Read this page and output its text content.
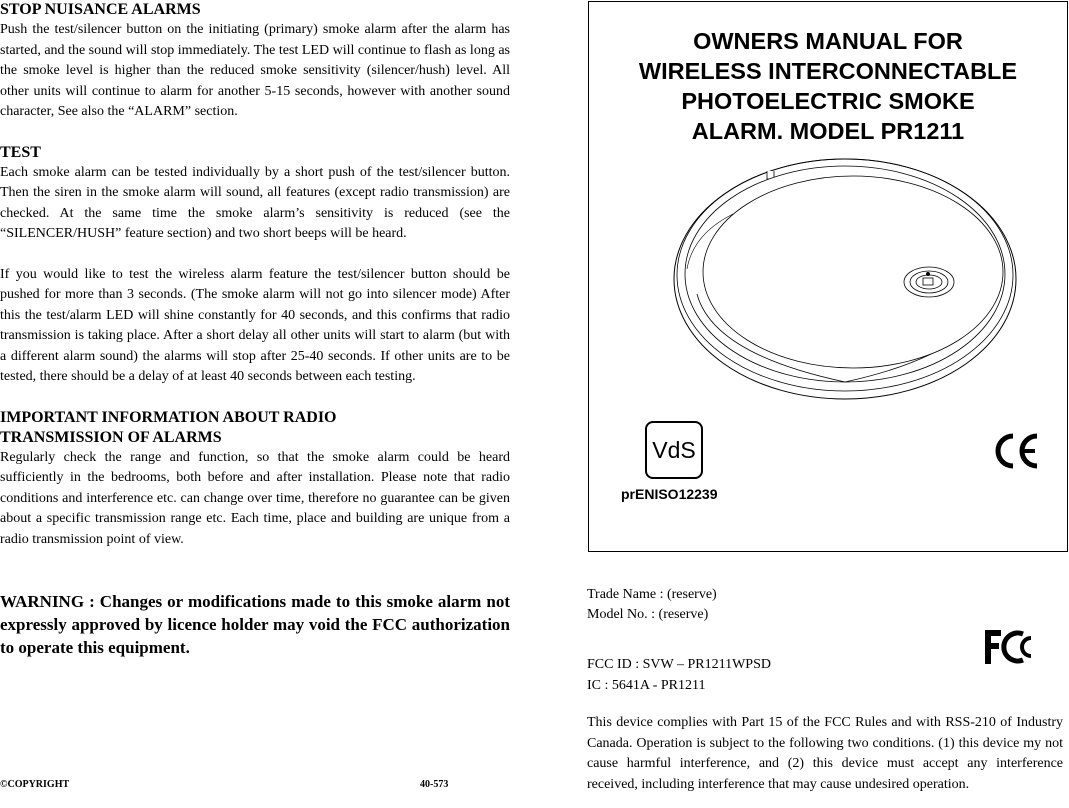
STOP NUISANCE ALARMS

Push the test/silencer button on the initiating (primary) smoke alarm after the alarm has started, and the sound will stop immediately. The test LED will continue to flash as long as the smoke level is higher than the reduced smoke sensitivity (silencer/hush) level. All other units will continue to alarm for another 5-15 seconds, however with another sound character, See also the “ALARM” section.

TEST

Each smoke alarm can be tested individually by a short push of the test/silencer button. Then the siren in the smoke alarm will sound, all features (except radio transmission) are checked. At the same time the smoke alarm’s sensitivity is reduced (see the “SILENCER/HUSH” feature section) and two short beeps will be heard.

If you would like to test the wireless alarm feature the test/silencer button should be pushed for more than 3 seconds. (The smoke alarm will not go into silencer mode) After this the test/alarm LED will shine constantly for 40 seconds, and this confirms that radio transmission is taking place. After a short delay all other units will start to alarm (but with a different alarm sound) the alarms will stop after 25-40 seconds. If other units are to be tested, there should be a delay of at least 40 seconds between each testing.

IMPORTANT INFORMATION ABOUT RADIO
TRANSMISSION OF ALARMS

Regularly check the range and function, so that the smoke alarm could be heard sufficiently in the bedrooms, both before and after installation. Please note that radio conditions and interference etc. can change over time, therefore no guarantee can be given about a specific transmission range etc. Each time, place and building are unique from a radio transmission point of view.

WARNING : Changes or modifications made to this smoke alarm not expressly approved by licence holder may void the FCC authorization to operate this equipment.

©COPYRIGHT	40-573
OWNERS MANUAL FOR
WIRELESS INTERCONNECTABLE
PHOTOELECTRIC SMOKE
ALARM. MODEL PR1211
VdS
prENISO12239
Trade Name : (reserve)
Model No. : (reserve)
FCC ID : SVW – PR1211WPSD
IC : 5641A - PR1211
This device complies with Part 15 of the FCC Rules and with RSS-210 of Industry Canada. Operation is subject to the following two conditions. (1) this device my not cause harmful interference, and (2) this device must accept any interference received, including interference that may cause undesired operation.
